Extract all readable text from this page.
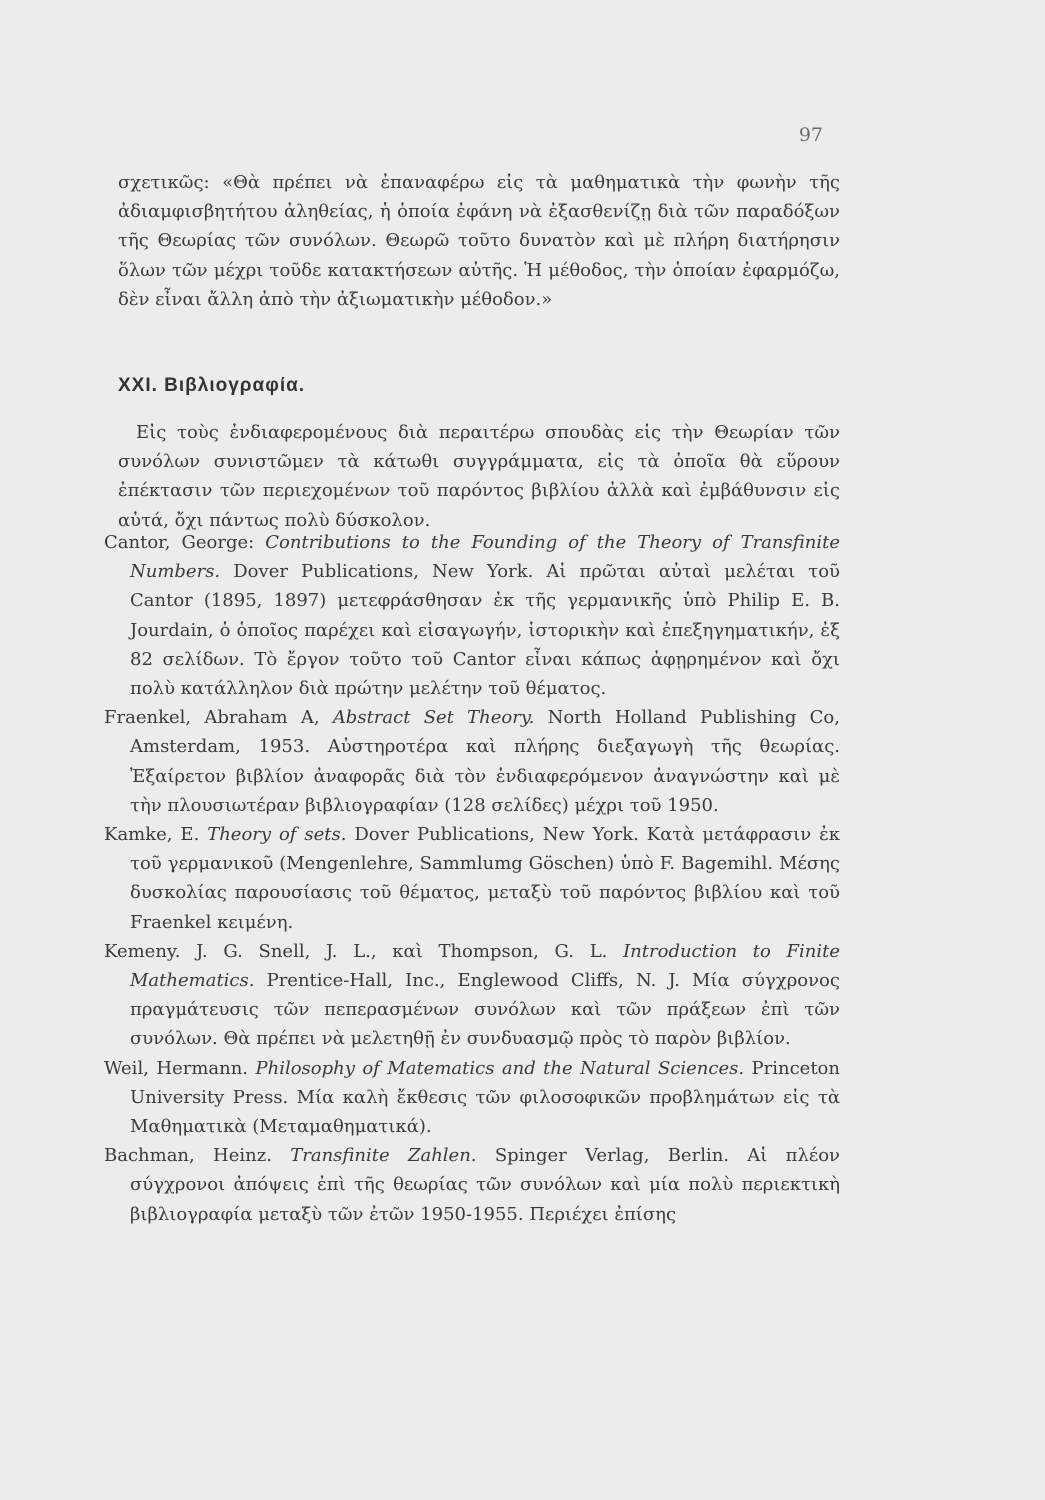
97

σχετικῶς: «Θὰ πρέπει νὰ ἐπαναφέρω εἰς τὰ μαθηματικὰ τὴν φωνὴν τῆς ἀδιαμφισβητήτου ἀληθείας, ἡ ὁποία ἐφάνη νὰ ἐξασθενίζῃ διὰ τῶν παραδόξων τῆς Θεωρίας τῶν συνόλων. Θεωρῶ τοῦτο δυνατὸν καὶ μὲ πλήρη διατήρησιν ὅλων τῶν μέχρι τοῦδε κατακτήσεων αὐτῆς. Ἡ μέθοδος, τὴν ὁποίαν ἐφαρμόζω, δὲν εἶναι ἄλλη ἀπὸ τὴν ἀξιωματικὴν μέθοδον.»

XXI. Βιβλιογραφία.

Εἰς τοὺς ἐνδιαφερομένους διὰ περαιτέρω σπουδὰς εἰς τὴν Θεωρίαν τῶν συνόλων συνιστῶμεν τὰ κάτωθι συγγράμματα, εἰς τὰ ὁποῖα θὰ εὕρουν ἐπέκτασιν τῶν περιεχομένων τοῦ παρόντος βιβλίου ἀλλὰ καὶ ἐμβάθυνσιν εἰς αὐτά, ὄχι πάντως πολὺ δύσκολον.

Cantor, George: Contributions to the Founding of the Theory of Transfinite Numbers. Dover Publications, New York. Αἱ πρῶται αὐταὶ μελέται τοῦ Cantor (1895, 1897) μετεφράσθησαν ἐκ τῆς γερμανικῆς ὑπὸ Philip E. B. Jourdain, ὁ ὁποῖος παρέχει καὶ εἰσαγωγήν, ἱστορικὴν καὶ ἐπεξηγηματικήν, ἐξ 82 σελίδων. Τὸ ἔργον τοῦτο τοῦ Cantor εἶναι κάπως ἀφῃρημένον καὶ ὄχι πολὺ κατάλληλον διὰ πρώτην μελέτην τοῦ θέματος.

Fraenkel, Abraham A, Abstract Set Theory. North Holland Publishing Co, Amsterdam, 1953. Αὐστηροτέρα καὶ πλήρης διεξαγωγὴ τῆς θεωρίας. Ἐξαίρετον βιβλίον ἀναφορᾶς διὰ τὸν ἐνδιαφερόμενον ἀναγνώστην καὶ μὲ τὴν πλουσιωτέραν βιβλιογραφίαν (128 σελίδες) μέχρι τοῦ 1950.

Kamke, E. Theory of sets. Dover Publications, New York. Κατὰ μετάφρασιν ἐκ τοῦ γερμανικοῦ (Mengenlehre, Sammlumg Göschen) ὑπὸ F. Bagemihl. Μέσης δυσκολίας παρουσίασις τοῦ θέματος, μεταξὺ τοῦ παρόντος βιβλίου καὶ τοῦ Fraenkel κειμένη.

Kemeny. J. G. Snell, J. L., καὶ Thompson, G. L. Introduction to Finite Mathematics. Prentice-Hall, Inc., Englewood Cliffs, N. J. Μία σύγχρονος πραγμάτευσις τῶν πεπερασμένων συνόλων καὶ τῶν πράξεων ἐπὶ τῶν συνόλων. Θὰ πρέπει νὰ μελετηθῇ ἐν συνδυασμῷ πρὸς τὸ παρὸν βιβλίον.

Weil, Hermann. Philosophy of Matematics and the Natural Sciences. Princeton University Press. Μία καλὴ ἔκθεσις τῶν φιλοσοφικῶν προβλημάτων εἰς τὰ Μαθηματικὰ (Μεταμαθηματικά).

Bachman, Heinz. Transfinite Zahlen. Spinger Verlag, Berlin. Αἱ πλέον σύγχρονοι ἀπόψεις ἐπὶ τῆς θεωρίας τῶν συνόλων καὶ μία πολὺ περιεκτικὴ βιβλιογραφία μεταξὺ τῶν ἐτῶν 1950-1955. Περιέχει ἐπίσης
